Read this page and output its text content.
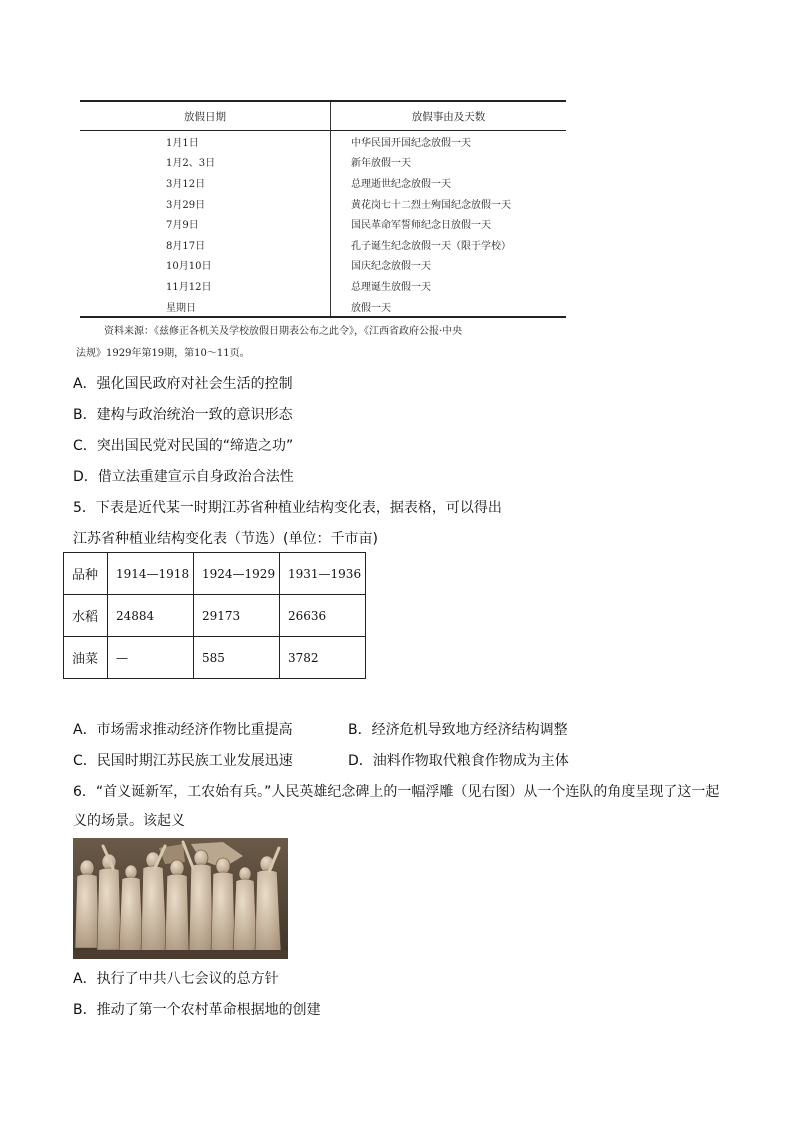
放假日期	放假事由及天数
1月1日	中华民国开国纪念放假一天
1月2、3日	新年放假一天
3月12日	总理逝世纪念放假一天
3月29日	黄花岗七十二烈士殉国纪念放假一天
7月9日	国民革命军誓师纪念日放假一天
8月17日	孔子诞生纪念放假一天（限于学校）
10月10日	国庆纪念放假一天
11月12日	总理诞生放假一天
星期日	放假一天
资料来源：《兹修正各机关及学校放假日期表公布之此令》，《江西省政府公报·中央
法规》1929年第19期，第10～11页。
A．强化国民政府对社会生活的控制
B．建构与政治统治一致的意识形态
C．突出国民党对民国的“缔造之功”
D．借立法重建宣示自身政治合法性
5．下表是近代某一时期江苏省种植业结构变化表，据表格，可以得出
江苏省种植业结构变化表（节选）(单位：千市亩)
品种	1914—1918	1924—1929	1931—1936
水稻	24884	29173	26636
油菜	—	585	3782
A．市场需求推动经济作物比重提高	B．经济危机导致地方经济结构调整
C．民国时期江苏民族工业发展迅速	D．油料作物取代粮食作物成为主体
6．“首义诞新军，工农始有兵。”人民英雄纪念碑上的一幅浮雕（见右图）从一个连队的角度呈现了这一起
义的场景。该起义
A．执行了中共八七会议的总方针
B．推动了第一个农村革命根据地的创建
